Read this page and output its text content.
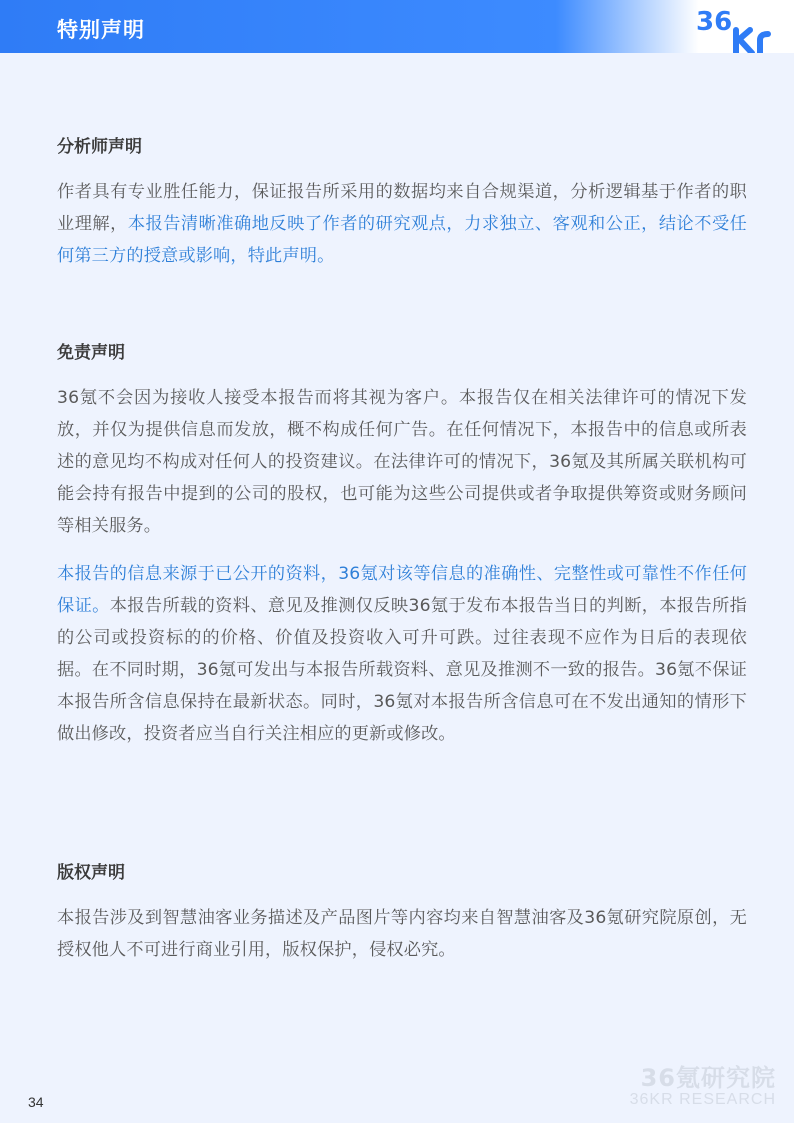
特别声明	36
分析师声明

作者具有专业胜任能力，保证报告所采用的数据均来自合规渠道，分析逻辑基于作者的职业理解，本报告清晰准确地反映了作者的研究观点，力求独立、客观和公正，结论不受任何第三方的授意或影响，特此声明。

免责声明

36氪不会因为接收人接受本报告而将其视为客户。本报告仅在相关法律许可的情况下发放，并仅为提供信息而发放，概不构成任何广告。在任何情况下，本报告中的信息或所表述的意见均不构成对任何人的投资建议。在法律许可的情况下，36氪及其所属关联机构可能会持有报告中提到的公司的股权，也可能为这些公司提供或者争取提供筹资或财务顾问等相关服务。

本报告的信息来源于已公开的资料，36氪对该等信息的准确性、完整性或可靠性不作任何保证。本报告所载的资料、意见及推测仅反映36氪于发布本报告当日的判断，本报告所指的公司或投资标的的价格、价值及投资收入可升可跌。过往表现不应作为日后的表现依据。在不同时期，36氪可发出与本报告所载资料、意见及推测不一致的报告。36氪不保证本报告所含信息保持在最新状态。同时，36氪对本报告所含信息可在不发出通知的情形下做出修改，投资者应当自行关注相应的更新或修改。

版权声明

本报告涉及到智慧油客业务描述及产品图片等内容均来自智慧油客及36氪研究院原创，无授权他人不可进行商业引用，版权保护，侵权必究。

36氪研究院
36KR RESEARCH
34
